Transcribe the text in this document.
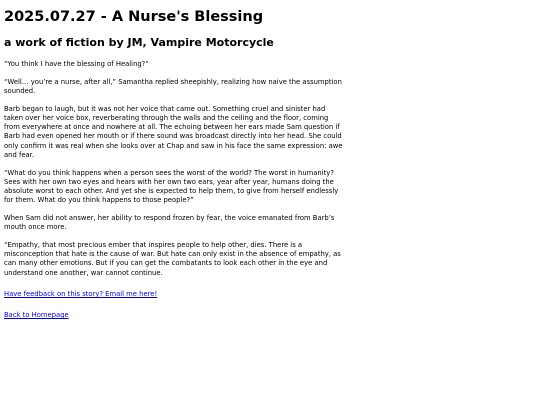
2025.07.27 - A Nurse's Blessing
a work of fiction by JM, Vampire Motorcycle

“You think I have the blessing of Healing?”

“Well… you’re a nurse, after all,” Samantha replied sheepishly, realizing how naive the assumption sounded.

Barb began to laugh, but it was not her voice that came out. Something cruel and sinister had taken over her voice box, reverberating through the walls and the ceiling and the floor, coming from everywhere at once and nowhere at all. The echoing between her ears made Sam question if Barb had even opened her mouth or if there sound was broadcast directly into her head. She could only confirm it was real when she looks over at Chap and saw in his face the same expression: awe and fear.

“What do you think happens when a person sees the worst of the world? The worst in humanity? Sees with her own two eyes and hears with her own two ears, year after year, humans doing the absolute worst to each other. And yet she is expected to help them, to give from herself endlessly for them. What do you think happens to those people?”

When Sam did not answer, her ability to respond frozen by fear, the voice emanated from Barb’s mouth once more.

“Empathy, that most precious ember that inspires people to help other, dies. There is a misconception that hate is the cause of war. But hate can only exist in the absence of empathy, as can many other emotions. But if you can get the combatants to look each other in the eye and understand one another, war cannot continue.

Have feedback on this story? Email me here!
Back to Homepage
